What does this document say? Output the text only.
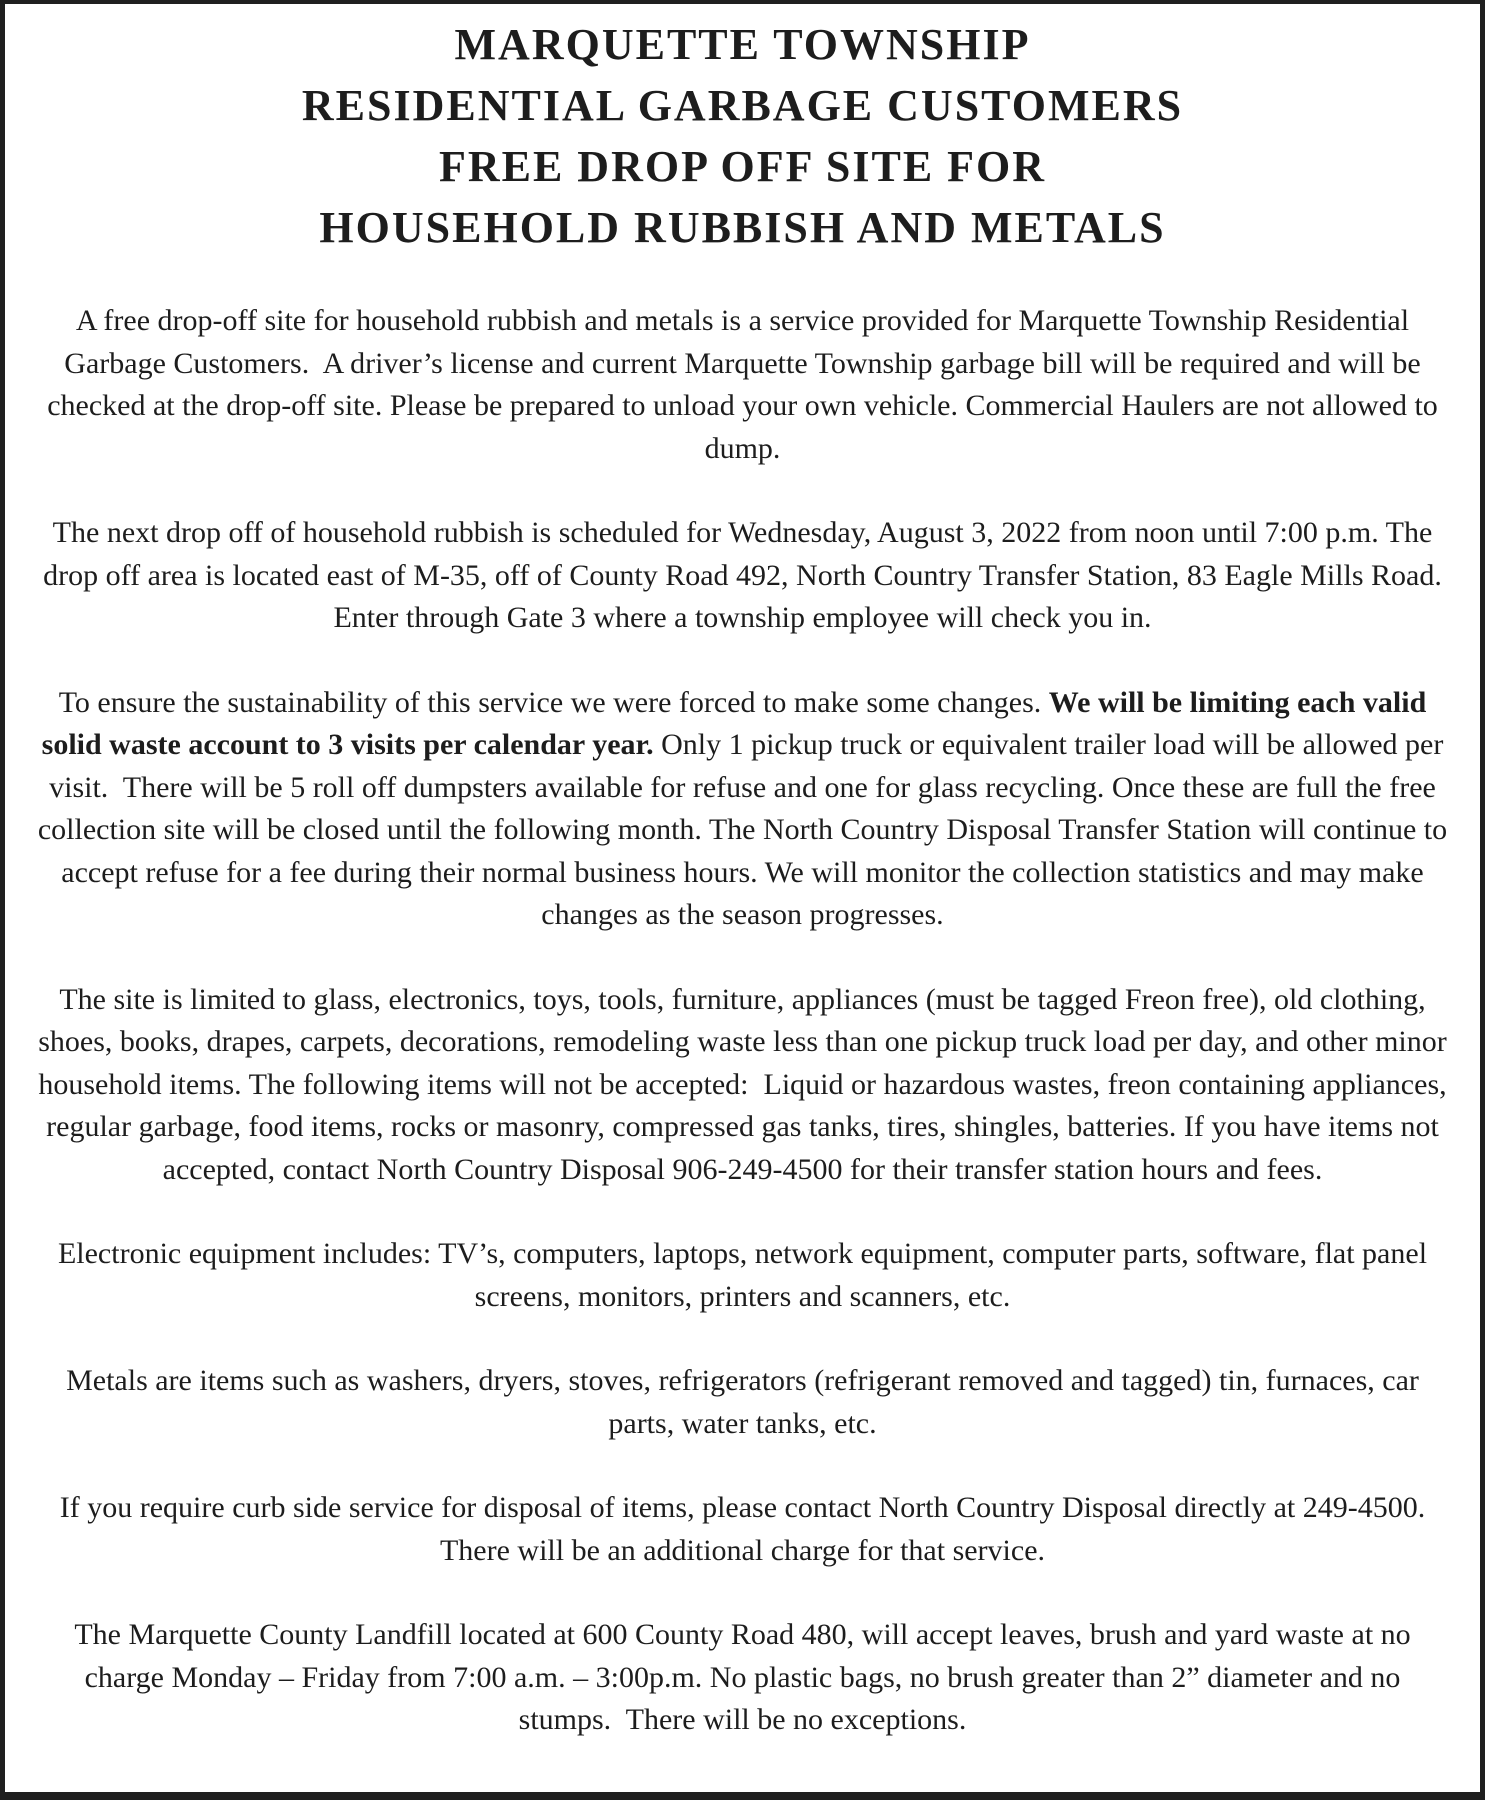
MARQUETTE TOWNSHIP
RESIDENTIAL GARBAGE CUSTOMERS
FREE DROP OFF SITE FOR
HOUSEHOLD RUBBISH AND METALS

A free drop-off site for household rubbish and metals is a service provided for Marquette Township Residential Garbage Customers.  A driver’s license and current Marquette Township garbage bill will be required and will be checked at the drop-off site. Please be prepared to unload your own vehicle. Commercial Haulers are not allowed to dump.

The next drop off of household rubbish is scheduled for Wednesday, August 3, 2022 from noon until 7:00 p.m. The drop off area is located east of M-35, off of County Road 492, North Country Transfer Station, 83 Eagle Mills Road. Enter through Gate 3 where a township employee will check you in.

To ensure the sustainability of this service we were forced to make some changes. We will be limiting each valid solid waste account to 3 visits per calendar year. Only 1 pickup truck or equivalent trailer load will be allowed per visit.  There will be 5 roll off dumpsters available for refuse and one for glass recycling. Once these are full the free collection site will be closed until the following month. The North Country Disposal Transfer Station will continue to accept refuse for a fee during their normal business hours. We will monitor the collection statistics and may make changes as the season progresses.

The site is limited to glass, electronics, toys, tools, furniture, appliances (must be tagged Freon free), old clothing, shoes, books, drapes, carpets, decorations, remodeling waste less than one pickup truck load per day, and other minor household items. The following items will not be accepted:  Liquid or hazardous wastes, freon containing appliances, regular garbage, food items, rocks or masonry, compressed gas tanks, tires, shingles, batteries. If you have items not accepted, contact North Country Disposal 906-249-4500 for their transfer station hours and fees.

Electronic equipment includes: TV’s, computers, laptops, network equipment, computer parts, software, flat panel screens, monitors, printers and scanners, etc.

Metals are items such as washers, dryers, stoves, refrigerators (refrigerant removed and tagged) tin, furnaces, car parts, water tanks, etc.

If you require curb side service for disposal of items, please contact North Country Disposal directly at 249-4500.  There will be an additional charge for that service.

The Marquette County Landfill located at 600 County Road 480, will accept leaves, brush and yard waste at no charge Monday – Friday from 7:00 a.m. – 3:00p.m. No plastic bags, no brush greater than 2” diameter and no stumps.  There will be no exceptions.
